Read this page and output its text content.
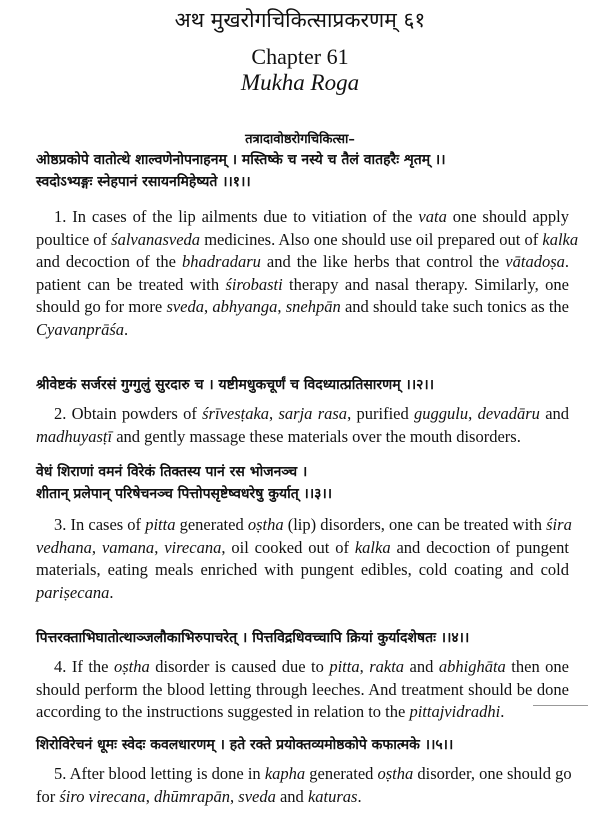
अथ मुखरोगचिकित्साप्रकरणम् ६१
Chapter 61
Mukha Roga
तत्रादावोष्ठरोगचिकित्सा–
ओष्ठप्रकोपे वातोत्थे शाल्वणेनोपनाहनम् । मस्तिष्के च नस्ये च तैलं वातहरैः शृतम् ।।
स्वदोऽभ्यङ्गः स्नेहपानं रसायनमिहेष्यते ।।१।।
1. In cases of the lip ailments due to vitiation of the vata one should apply
poultice of śalvanasveda medicines. Also one should use oil prepared out of kalka
and decoction of the bhadradaru and the like herbs that control the vātadoṣa.
patient can be treated with śirobasti therapy and nasal therapy. Similarly, one
should go for more sveda, abhyanga, snehpān and should take such tonics as the
Cyavanprāśa.
श्रीवेष्टकं सर्जरसं गुग्गुलुं सुरदारु च । यष्टीमधुकचूर्णं च विदध्यात्प्रतिसारणम् ।।२।।
2. Obtain powders of śrīvesṭaka, sarja rasa, purified guggulu, devadāru and
madhuyasṭī and gently massage these materials over the mouth disorders.
वेधं शिराणां वमनं विरेकं तिक्तस्य पानं रस भोजनञ्च ।
शीतान् प्रलेपान् परिषेचनञ्च पित्तोपसृष्टेष्वधरेषु कुर्यात् ।।३।।
3. In cases of pitta generated oṣtha (lip) disorders, one can be treated with śira
vedhana, vamana, virecana, oil cooked out of kalka and decoction of pungent
materials, eating meals enriched with pungent edibles, cold coating and cold
pariṣecana.
पित्तरक्ताभिघातोत्थाञ्जलौकाभिरुपाचरेत् । पित्तविद्रधिवच्चापि क्रियां कुर्यादशेषतः ।।४।।
4. If the oṣtha disorder is caused due to pitta, rakta and abhighāta then one
should perform the blood letting through leeches. And treatment should be done
according to the instructions suggested in relation to the pittajvidradhi.
शिरोविरेचनं धूमः स्वेदः कवलधारणम् । हते रक्ते प्रयोक्तव्यमोष्ठकोपे कफात्मके ।।५।।
5. After blood letting is done in kapha generated oṣtha disorder, one should go
for śiro virecana, dhūmrapān, sveda and katuras.
